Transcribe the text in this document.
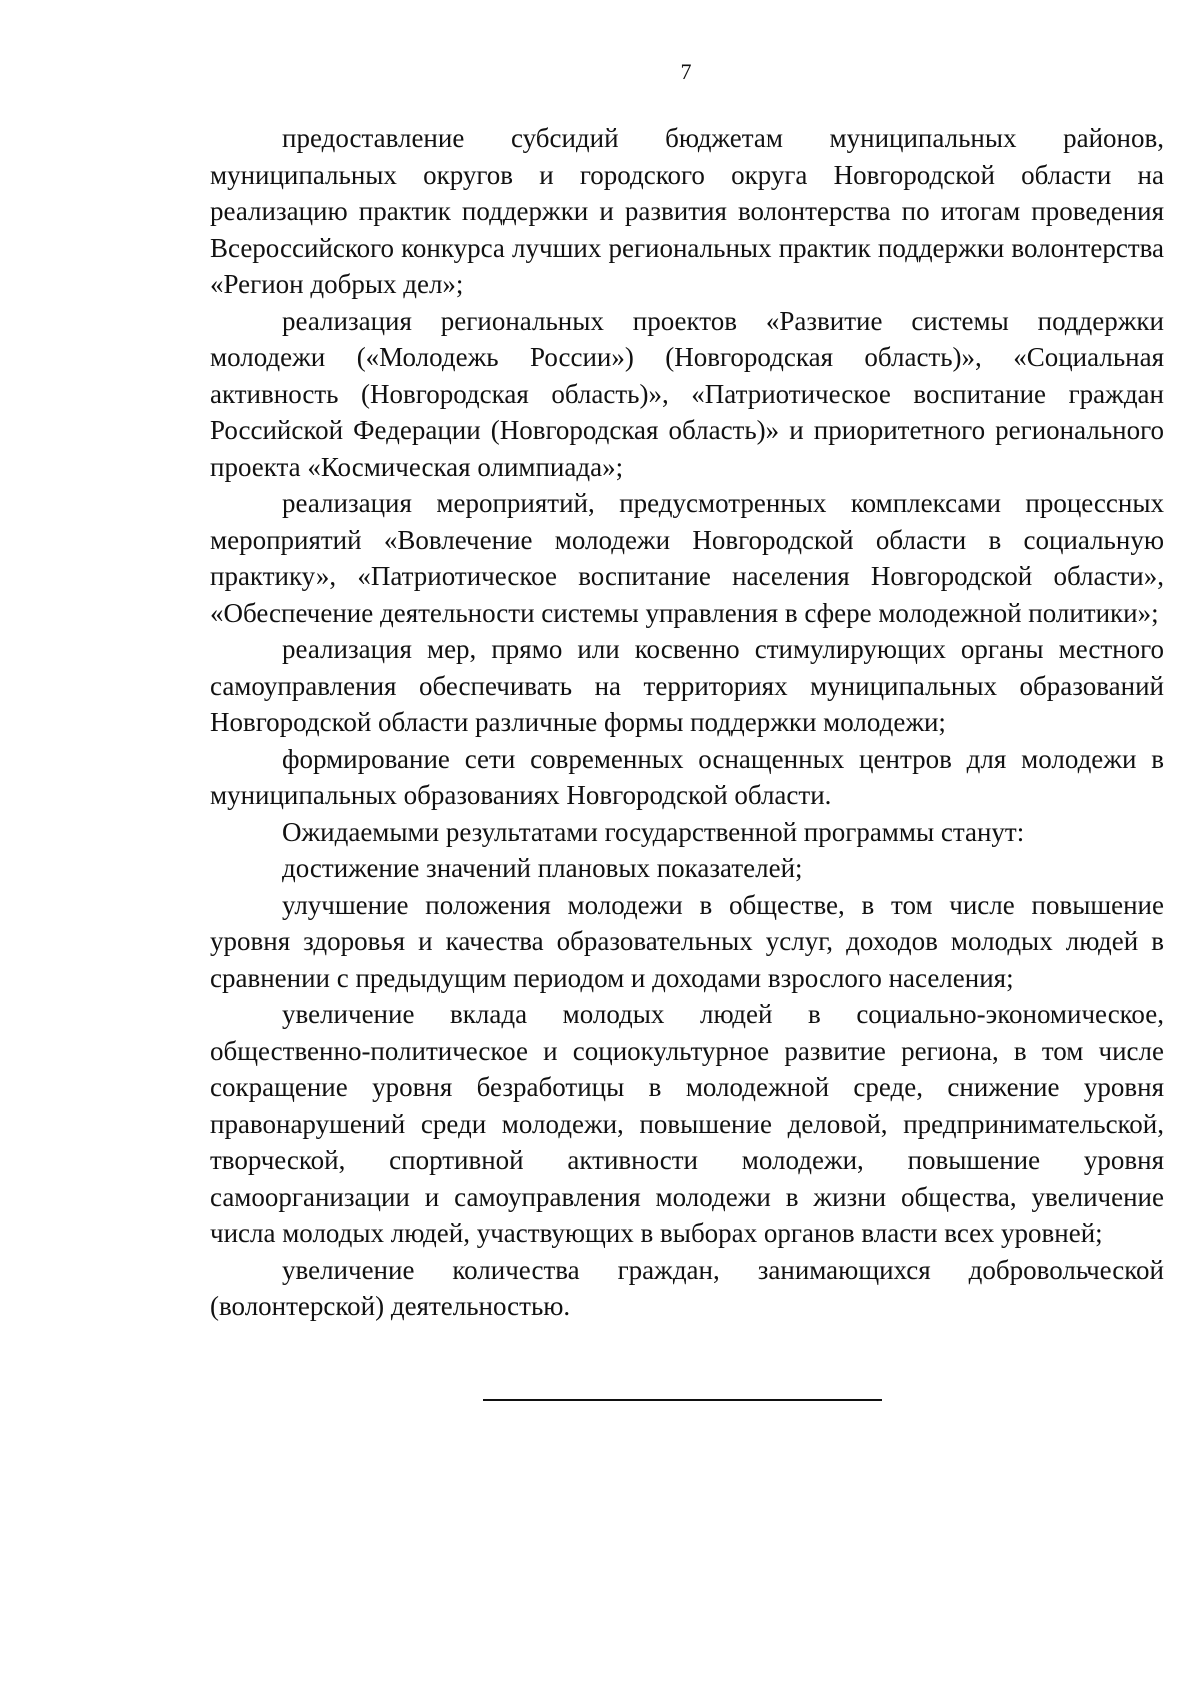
7

предоставление субсидий бюджетам муниципальных районов, муниципальных округов и городского округа Новгородской области на реализацию практик поддержки и развития волонтерства по итогам проведения Всероссийского конкурса лучших региональных практик поддержки волонтерства «Регион добрых дел»;

реализация региональных проектов «Развитие системы поддержки молодежи («Молодежь России») (Новгородская область)», «Социальная активность (Новгородская область)», «Патриотическое воспитание граждан Российской Федерации (Новгородская область)» и приоритетного регионального проекта «Космическая олимпиада»;

реализация мероприятий, предусмотренных комплексами процессных мероприятий «Вовлечение молодежи Новгородской области в социальную практику», «Патриотическое воспитание населения Новгородской области», «Обеспечение деятельности системы управления в сфере молодежной политики»;

реализация мер, прямо или косвенно стимулирующих органы местного самоуправления обеспечивать на территориях муниципальных образований Новгородской области различные формы поддержки молодежи;

формирование сети современных оснащенных центров для молодежи в муниципальных образованиях Новгородской области.

Ожидаемыми результатами государственной программы станут:

достижение значений плановых показателей;

улучшение положения молодежи в обществе, в том числе повышение уровня здоровья и качества образовательных услуг, доходов молодых людей в сравнении с предыдущим периодом и доходами взрослого населения;

увеличение вклада молодых людей в социально-экономическое, общественно-политическое и социокультурное развитие региона, в том числе сокращение уровня безработицы в молодежной среде, снижение уровня правонарушений среди молодежи, повышение деловой, предпринимательской, творческой, спортивной активности молодежи, повышение уровня самоорганизации и самоуправления молодежи в жизни общества, увеличение числа молодых людей, участвующих в выборах органов власти всех уровней;

увеличение количества граждан, занимающихся добровольческой (волонтерской) деятельностью.
